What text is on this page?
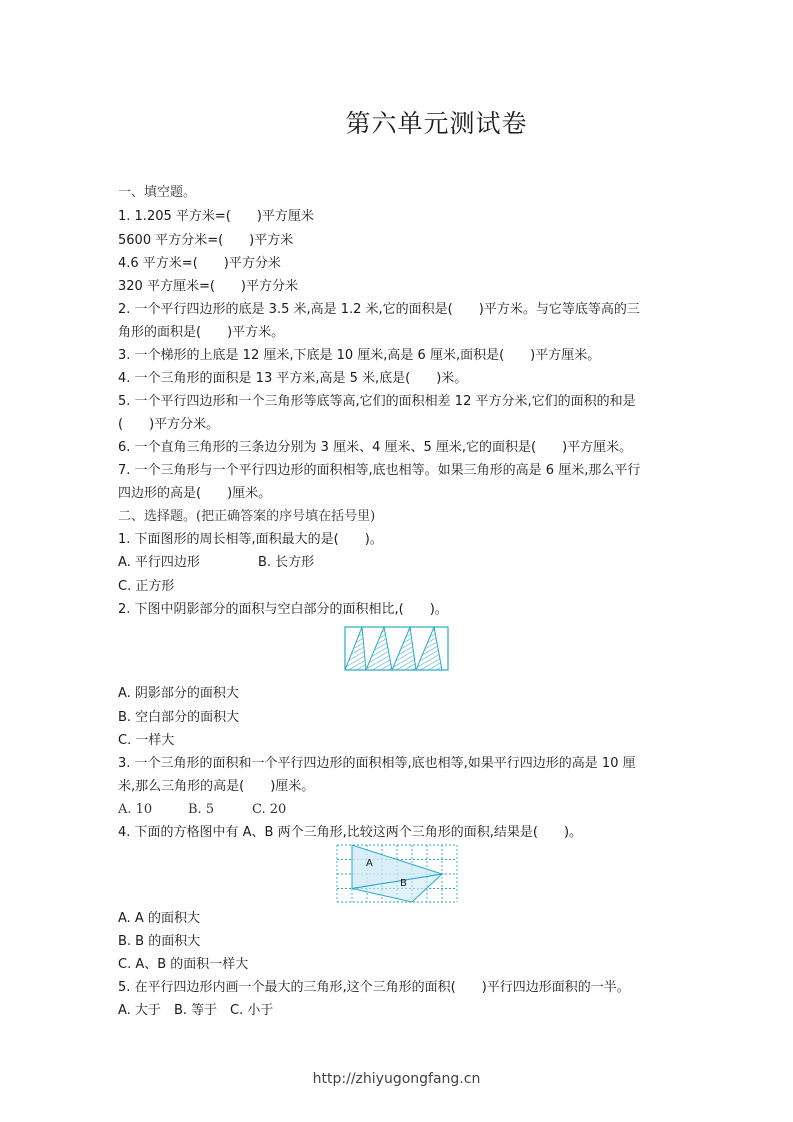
第六单元测试卷
一、填空题。
1. 1.205 平方米=(　　)平方厘米
5600 平方分米=(　　)平方米
4.6 平方米=(　　)平方分米
320 平方厘米=(　　)平方分米
2. 一个平行四边形的底是 3.5 米,高是 1.2 米,它的面积是(　　)平方米。与它等底等高的三
角形的面积是(　　)平方米。
3. 一个梯形的上底是 12 厘米,下底是 10 厘米,高是 6 厘米,面积是(　　)平方厘米。
4. 一个三角形的面积是 13 平方米,高是 5 米,底是(　　)米。
5. 一个平行四边形和一个三角形等底等高,它们的面积相差 12 平方分米,它们的面积的和是
(　　)平方分米。
6. 一个直角三角形的三条边分别为 3 厘米、4 厘米、5 厘米,它的面积是(　　)平方厘米。
7. 一个三角形与一个平行四边形的面积相等,底也相等。如果三角形的高是 6 厘米,那么平行
四边形的高是(　　)厘米。
二、选择题。(把正确答案的序号填在括号里)
1. 下面图形的周长相等,面积最大的是(　　)。
A. 平行四边形	B. 长方形
C. 正方形
2. 下图中阴影部分的面积与空白部分的面积相比,(　　)。
A. 阴影部分的面积大
B. 空白部分的面积大
C. 一样大
3. 一个三角形的面积和一个平行四边形的面积相等,底也相等,如果平行四边形的高是 10 厘
米,那么三角形的高是(　　)厘米。
A. 10	B. 5	C. 20
4. 下面的方格图中有 A、B 两个三角形,比较这两个三角形的面积,结果是(　　)。
A
B
A. A 的面积大
B. B 的面积大
C. A、B 的面积一样大
5. 在平行四边形内画一个最大的三角形,这个三角形的面积(　　)平行四边形面积的一半。
A. 大于 B. 等于 C. 小于
http://zhiyugongfang.cn
